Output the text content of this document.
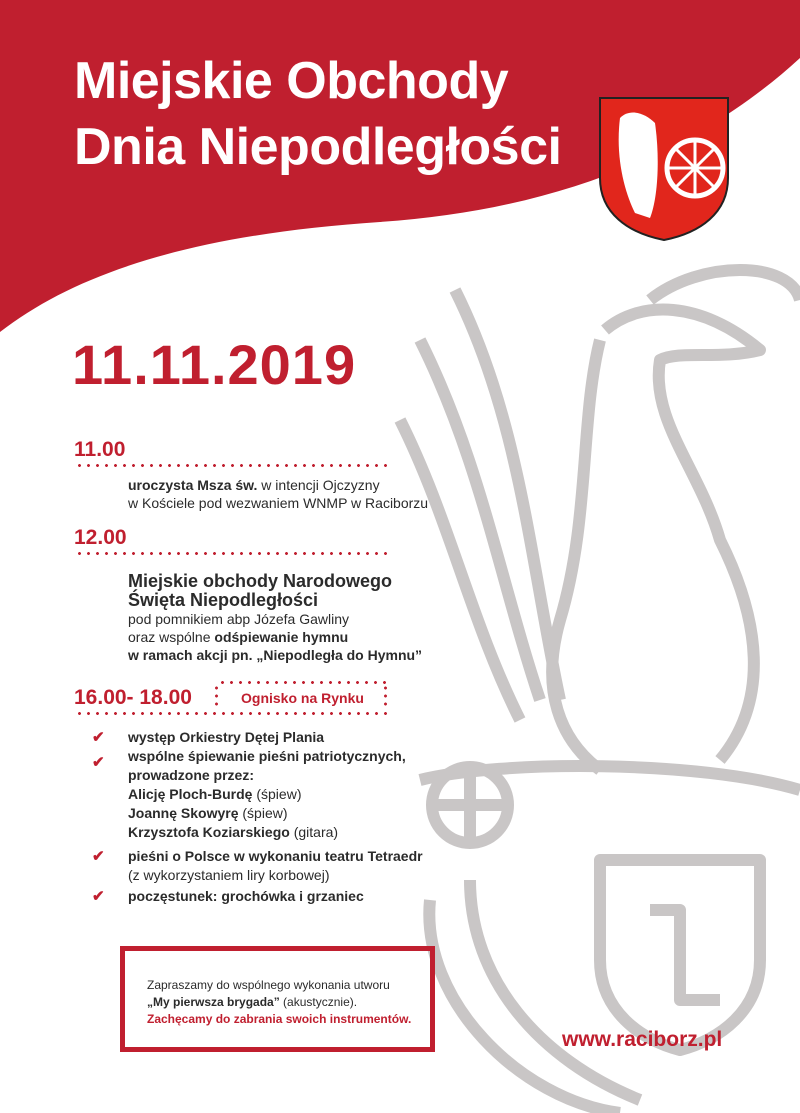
Miejskie Obchody
Dnia Niepodległości
11.11.2019
11.00
uroczysta Msza św. w intencji Ojczyzny
w Kościele pod wezwaniem WNMP w Raciborzu
12.00
Miejskie obchody Narodowego
Święta Niepodległości
pod pomnikiem abp Józefa Gawliny
oraz wspólne odśpiewanie hymnu
w ramach akcji pn. „Niepodległa do Hymnu”
16.00- 18.00	Ognisko na Rynku
✔ występ Orkiestry Dętej Plania
✔ wspólne śpiewanie pieśni patriotycznych,
prowadzone przez:
Alicję Ploch-Burdę (śpiew)
Joannę Skowyrę (śpiew)
Krzysztofa Koziarskiego (gitara)
✔ pieśni o Polsce w wykonaniu teatru Tetraedr
(z wykorzystaniem liry korbowej)
✔ poczęstunek: grochówka i grzaniec
Zapraszamy do wspólnego wykonania utworu
„My pierwsza brygada” (akustycznie).
Zachęcamy do zabrania swoich instrumentów.
www.raciborz.pl
